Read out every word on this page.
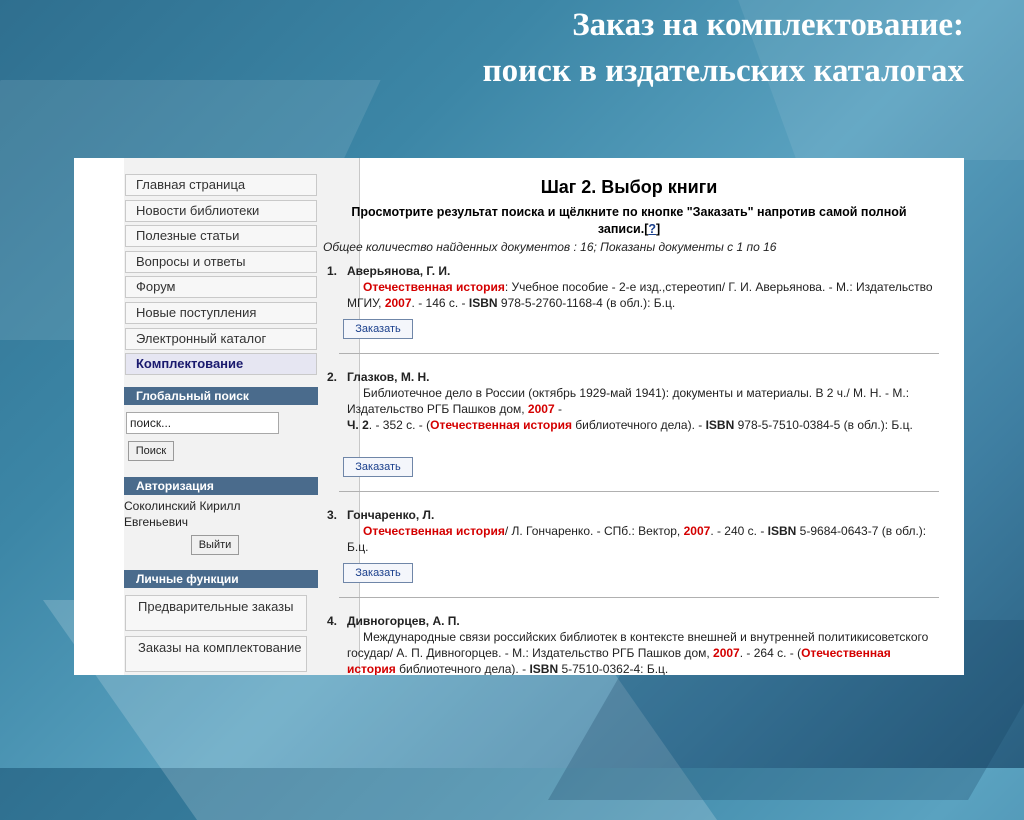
Заказ на комплектование:
поиск в издательских каталогах
Главная страница
Новости библиотеки
Полезные статьи
Вопросы и ответы
Форум
Новые поступления
Электронный каталог
Комплектование
Глобальный поиск
поиск...
Поиск
Авторизация
Соколинский Кирилл Евгеньевич
Выйти
Личные функции
Предварительные заказы
Заказы на комплектование
Шаг 2. Выбор книги
Просмотрите результат поиска и щёлкните по кнопке "Заказать" напротив самой полной записи.[?]
Общее количество найденных документов : 16; Показаны документы с 1 по 16
1. Аверьянова, Г. И.
Отечественная история: Учебное пособие - 2-е изд.,стереотип/ Г. И. Аверьянова. - М.: Издательство МГИУ, 2007. - 146 с. - ISBN 978-5-2760-1168-4 (в обл.): Б.ц.
Заказать
2. Глазков, М. Н.
Библиотечное дело в России (октябрь 1929-май 1941): документы и материалы. В 2 ч./ М. Н. - М.: Издательство РГБ Пашков дом, 2007 -
Ч. 2. - 352 с. - (Отечественная история библиотечного дела). - ISBN 978-5-7510-0384-5 (в обл.): Б.ц.
Заказать
3. Гончаренко, Л.
Отечественная история/ Л. Гончаренко. - СПб.: Вектор, 2007. - 240 с. - ISBN 5-9684-0643-7 (в обл.): Б.ц.
Заказать
4. Дивногорцев, А. П.
Международные связи российских библиотек в контексте внешней и внутренней политикисоветского государ/ А. П. Дивногорцев. - М.: Издательство РГБ Пашков дом, 2007. - 264 с. - (Отечественная история библиотечного дела). - ISBN 5-7510-0362-4: Б.ц.
